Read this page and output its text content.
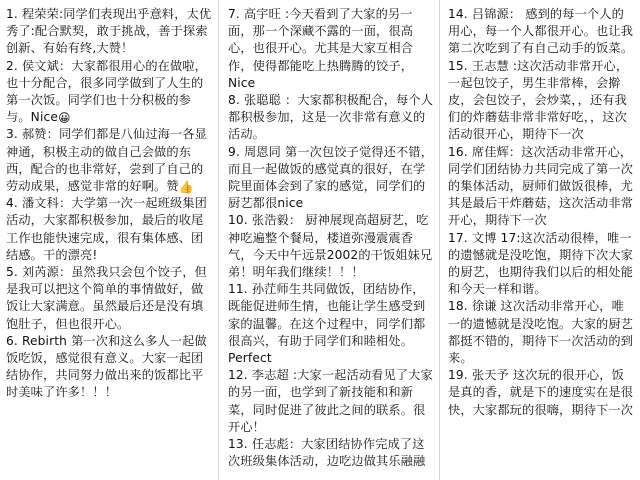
1. 程荣荣:同学们表现出乎意料，太优秀了:配合默契，敢于挑战，善于探索创新、有始有终,大赞！

2. 侯文斌：大家都很用心的在做啦，也十分配合，很多同学做到了人生的第一次饭。同学们也十分积极的参与。Nice😀

3. 郝赞：同学们都是八仙过海一各显神通，积极主动的做自己会做的东西，配合的也非常好，尝到了自己的劳动成果，感觉非常的好啊。赞👍

4. 潘文科：大学第一次一起班级集团活动，大家都积极参加，最后的收尾工作也能快速完成，很有集体感、团结感。干的漂亮!

5. 刘芮源：虽然我只会包个饺子，但是我可以把这个简单的事情做好，做饭让大家满意。虽然最后还是没有填饱肚子，但也很开心。

6. Rebirth 第一次和这么多人一起做饭吃饭，感觉很有意义。大家一起团结协作，共同努力做出来的饭都比平时美味了许多！！！

7. 高宇旺 :今天看到了大家的另一面，那一个深藏不露的一面，很高心，也很开心。尤其是大家互相合作，使得都能吃上热腾腾的饺子，Nice

8. 张聪聪 ：大家都积极配合，每个人都积极参加，这是一次非常有意义的活动。

9. 周恩同 第一次包饺子觉得还不错，而且一起做饭的感觉真的很好，在学院里面体会到了家的感觉，同学们的厨艺都很nice

10. 张浩毅： 厨神展现高超厨艺，吃神吃遍整个餐局，楼道弥漫震震香气，今天中午远景2002的干饭姐妹兄弟！明年我们继续！！！

11. 孙茳师生共同做饭，团结协作，既能促进师生情，也能让学生感受到家的温馨。在这个过程中，同学们都很高兴，有助于同学们和睦相处。Perfect

12. 李志超 :大家一起活动看见了大家的另一面，也学到了新技能和和新菜，同时促进了彼此之间的联系。很开心！

13. 任志彪：大家团结协作完成了这次班级集体活动，边吃边做其乐融融

14. 吕锦源： 感到的每一个人的用心，每一个人都很开心。也让我第二次吃到了有自己动手的饭菜。

15. 王志慧 :这次活动非常开心，一起包饺子，男生非常棒，会擀皮，会包饺子，会炒菜，，还有我们的炸蘑菇非常非常好吃，，这次活动很开心，期待下一次

16. 席佳辉：这次活动非常开心，同学们团结协力共同完成了第一次的集体活动，厨师们做饭很棒，尤其是最后干炸蘑菇，这次活动非常开心，期待下一次

17. 文博 17:这次活动很棒，唯一的遗憾就是没吃饱，期待下次大家的厨艺，也期待我们以后的相处能和今天一样和谐。

18. 徐谦 这次活动非常开心，唯一的遗憾就是没吃饱。大家的厨艺都挺不错的，期待下一次活动的到来。

19. 张天予 这次玩的很开心，饭是真的香，就是下的速度实在是很快，大家都玩的很嗨，期待下一次
